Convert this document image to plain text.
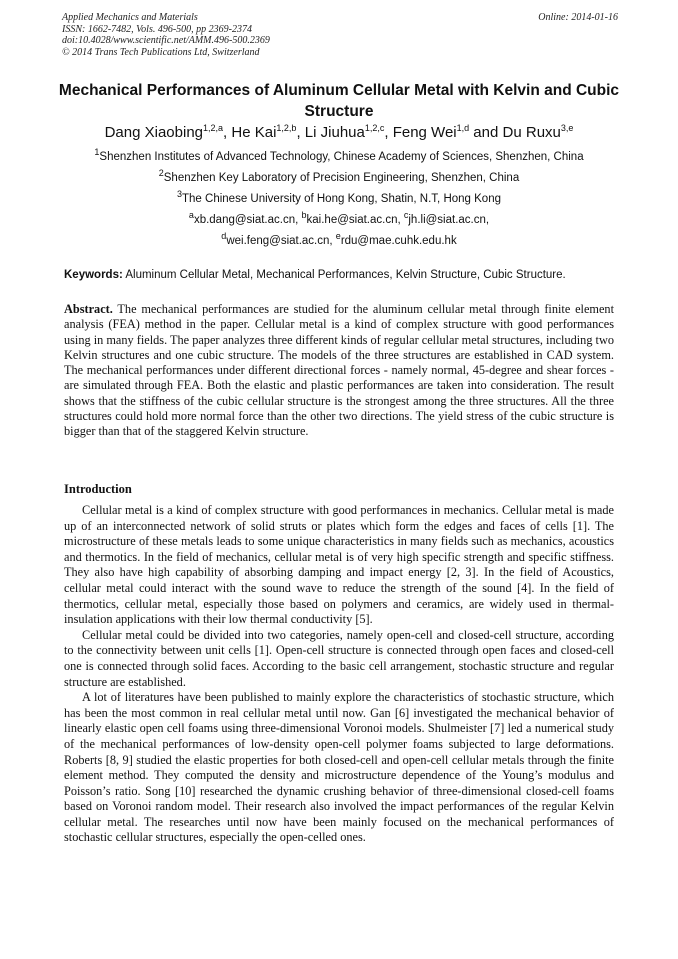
Applied Mechanics and Materials
ISSN: 1662-7482, Vols. 496-500, pp 2369-2374
doi:10.4028/www.scientific.net/AMM.496-500.2369
© 2014 Trans Tech Publications Ltd, Switzerland
Online: 2014-01-16
Mechanical Performances of Aluminum Cellular Metal with Kelvin and Cubic Structure
Dang Xiaobing$^{1,2,a}$, He Kai$^{1,2,b}$, Li Jiuhua$^{1,2,c}$, Feng Wei$^{1,d}$ and Du Ruxu$^{3,e}$
$^1$Shenzhen Institutes of Advanced Technology, Chinese Academy of Sciences, Shenzhen, China
$^2$Shenzhen Key Laboratory of Precision Engineering, Shenzhen, China
$^3$The Chinese University of Hong Kong, Shatin, N.T, Hong Kong
$^a$xb.dang@siat.ac.cn, $^b$kai.he@siat.ac.cn, $^c$jh.li@siat.ac.cn,
$^d$wei.feng@siat.ac.cn, $^e$rdu@mae.cuhk.edu.hk
Keywords: Aluminum Cellular Metal, Mechanical Performances, Kelvin Structure, Cubic Structure.

Abstract. The mechanical performances are studied for the aluminum cellular metal through finite element analysis (FEA) method in the paper. Cellular metal is a kind of complex structure with good performances using in many fields. The paper analyzes three different kinds of regular cellular metal structures, including two Kelvin structures and one cubic structure. The models of the three structures are established in CAD system. The mechanical performances under different directional forces - namely normal, 45-degree and shear forces - are simulated through FEA. Both the elastic and plastic performances are taken into consideration. The result shows that the stiffness of the cubic cellular structure is the strongest among the three structures. All the three structures could hold more normal force than the other two directions. The yield stress of the cubic structure is bigger than that of the staggered Kelvin structure.

Introduction

Cellular metal is a kind of complex structure with good performances in mechanics. Cellular metal is made up of an interconnected network of solid struts or plates which form the edges and faces of cells [1]. The microstructure of these metals leads to some unique characteristics in many fields such as mechanics, acoustics and thermotics. In the field of mechanics, cellular metal is of very high specific strength and specific stiffness. They also have high capability of absorbing damping and impact energy [2, 3]. In the field of Acoustics, cellular metal could interact with the sound wave to reduce the strength of the sound [4]. In the field of thermotics, cellular metal, especially those based on polymers and ceramics, are widely used in thermal-insulation applications with their low thermal conductivity [5].

Cellular metal could be divided into two categories, namely open-cell and closed-cell structure, according to the connectivity between unit cells [1]. Open-cell structure is connected through open faces and closed-cell one is connected through solid faces. According to the basic cell arrangement, stochastic structure and regular structure are established.

A lot of literatures have been published to mainly explore the characteristics of stochastic structure, which has been the most common in real cellular metal until now. Gan [6] investigated the mechanical behavior of linearly elastic open cell foams using three-dimensional Voronoi models. Shulmeister [7] led a numerical study of the mechanical performances of low-density open-cell polymer foams subjected to large deformations. Roberts [8, 9] studied the elastic properties for both closed-cell and open-cell cellular metals through the finite element method. They computed the density and microstructure dependence of the Young’s modulus and Poisson’s ratio. Song [10] researched the dynamic crushing behavior of three-dimensional closed-cell foams based on Voronoi random model. Their research also involved the impact performances of the regular Kelvin cellular metal. The researches until now have been mainly focused on the mechanical performances of stochastic cellular structures, especially the open-celled ones.
